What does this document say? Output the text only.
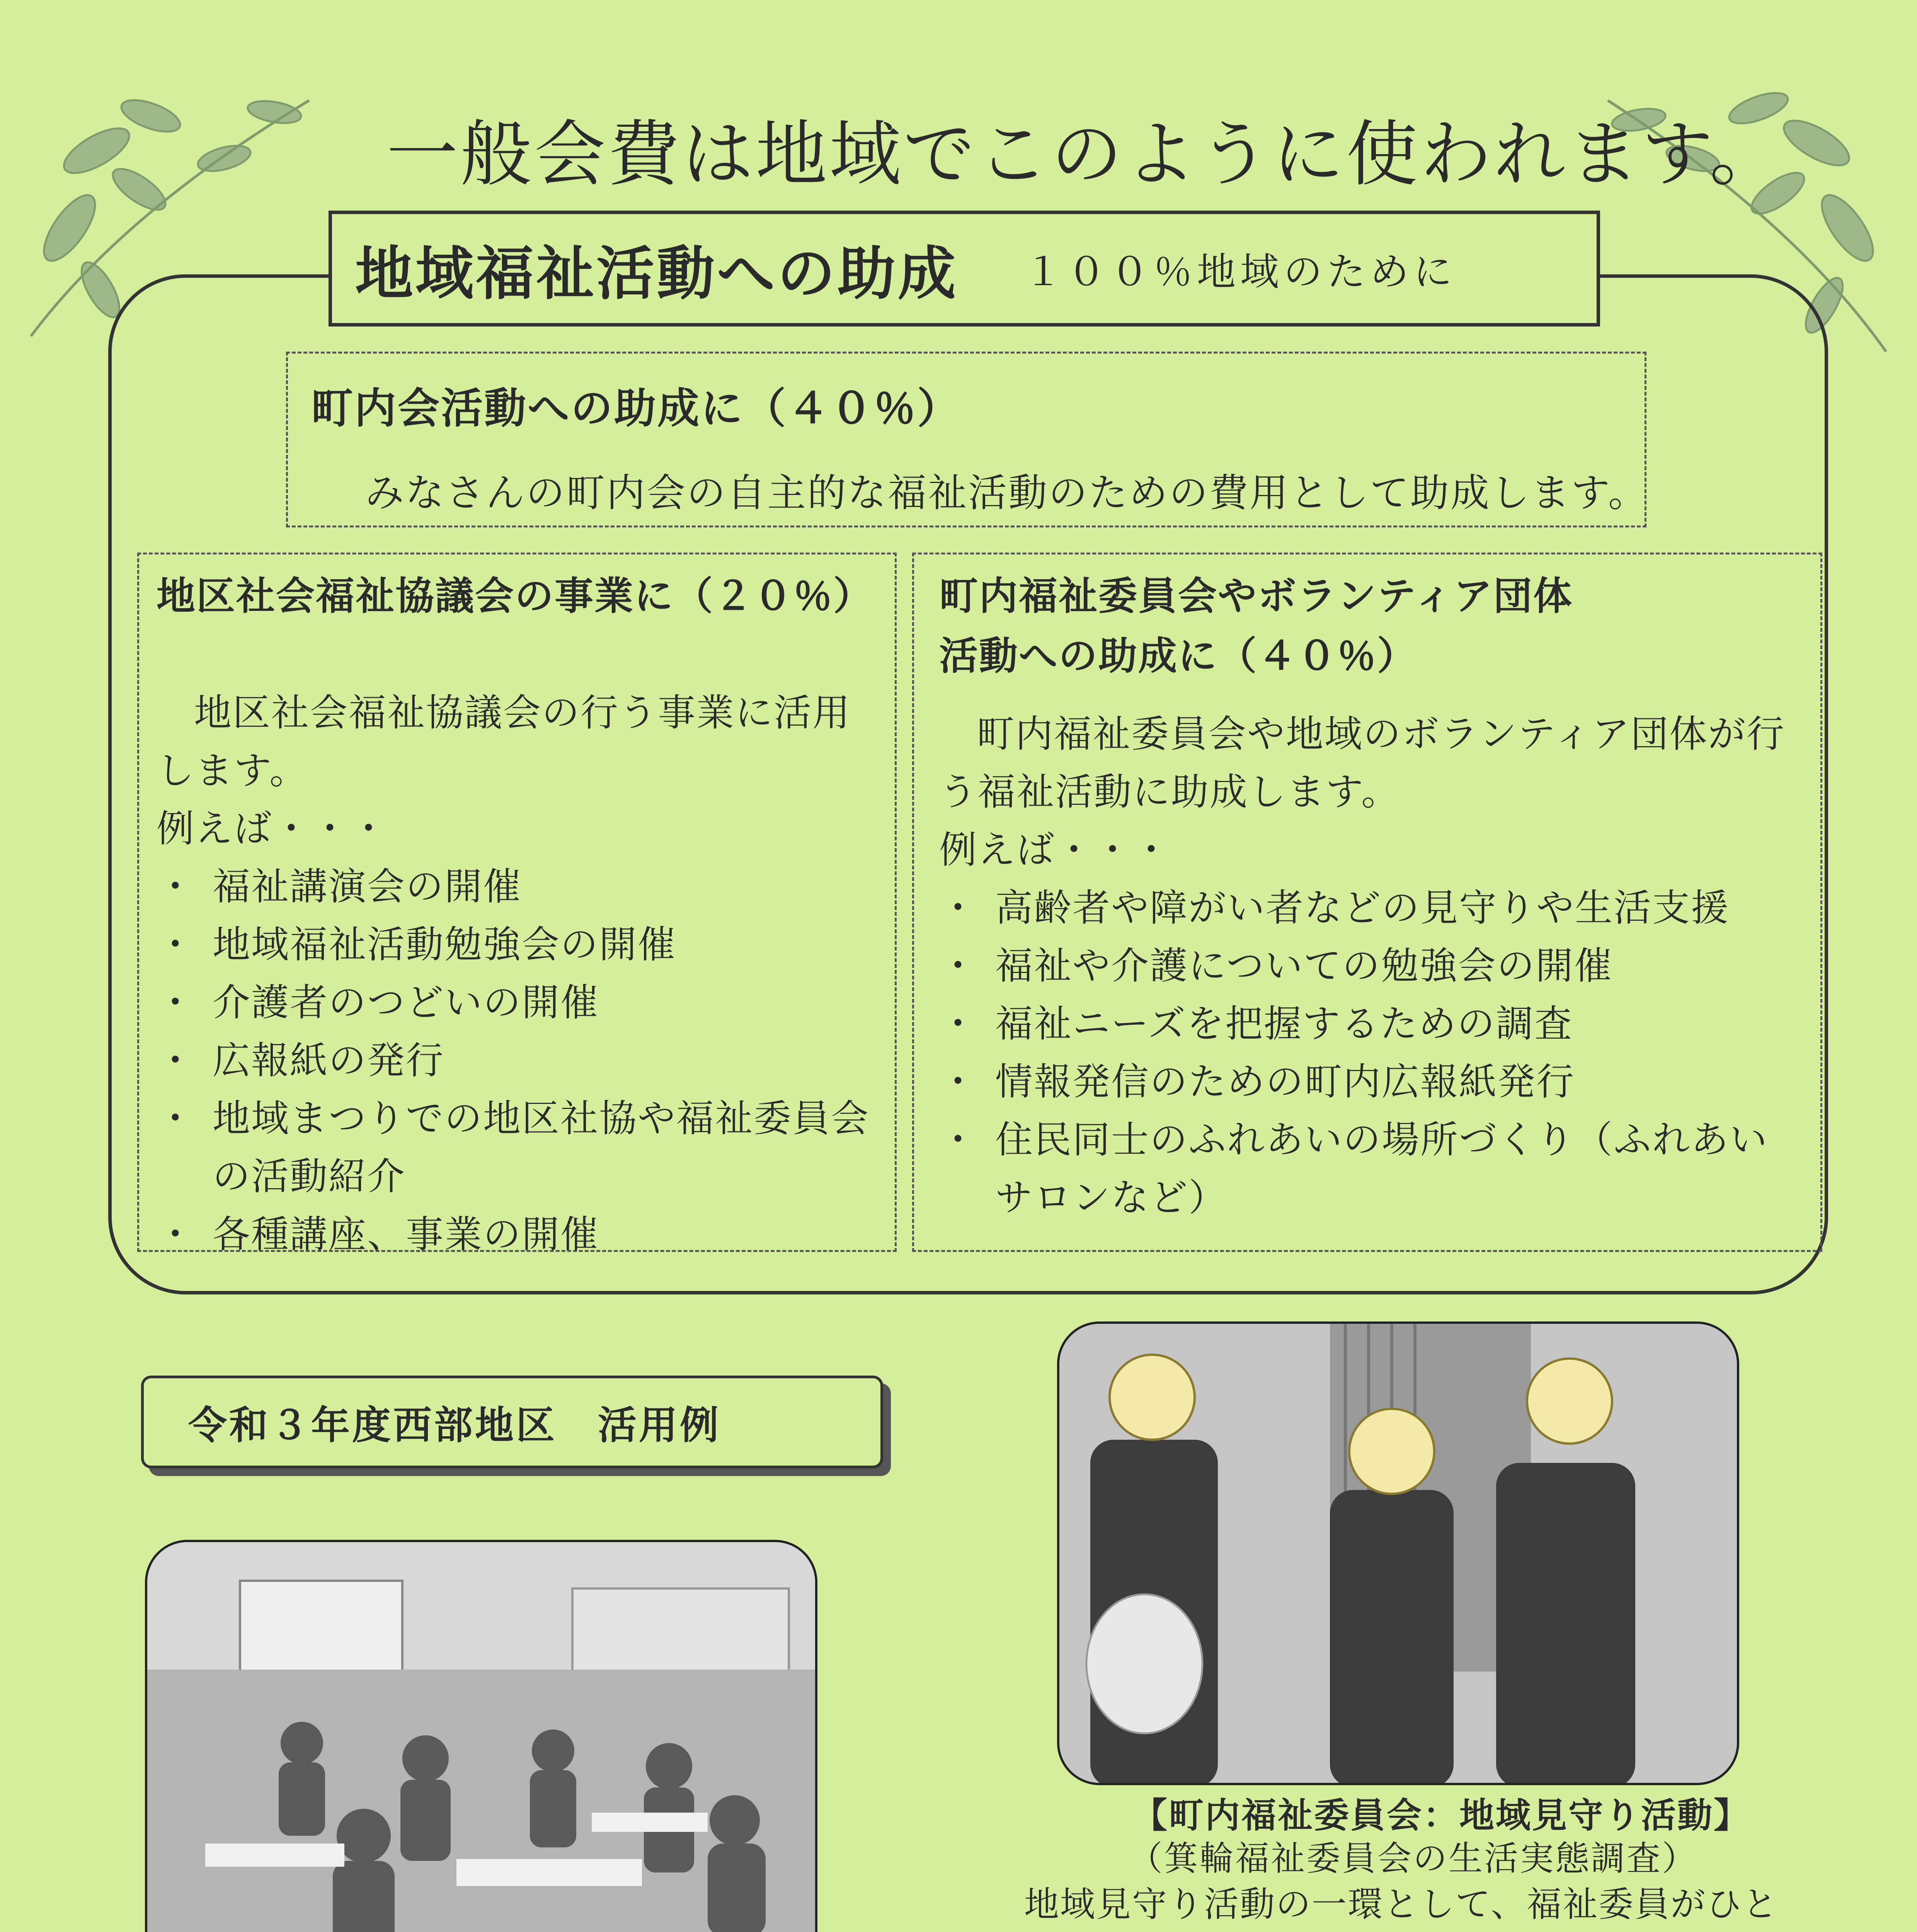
一般会費は地域でこのように使われます。
地域福祉活動への助成 １００％地域のために
町内会活動への助成に（４０％）
みなさんの町内会の自主的な福祉活動のための費用として助成します。
地区社会福祉協議会の事業に（２０％）
地区社会福祉協議会の行う事業に活用します。
例えば・・・
・ 福祉講演会の開催
・ 地域福祉活動勉強会の開催
・ 介護者のつどいの開催
・ 広報紙の発行
・ 地域まつりでの地区社協や福祉委員会の活動紹介
・ 各種講座、事業の開催
町内福祉委員会やボランティア団体
活動への助成に（４０％）
町内福祉委員会や地域のボランティア団体が行う福祉活動に助成します。
例えば・・・
・ 高齢者や障がい者などの見守りや生活支援
・ 福祉や介護についての勉強会の開催
・ 福祉ニーズを把握するための調査
・ 情報発信のための町内広報紙発行
・ 住民同士のふれあいの場所づくり（ふれあいサロンなど）
令和３年度西部地区　活用例
【町内福祉委員会：地域見守り活動】
（箕輪福祉委員会の生活実態調査）
地域見守り活動の一環として、福祉委員がひと
